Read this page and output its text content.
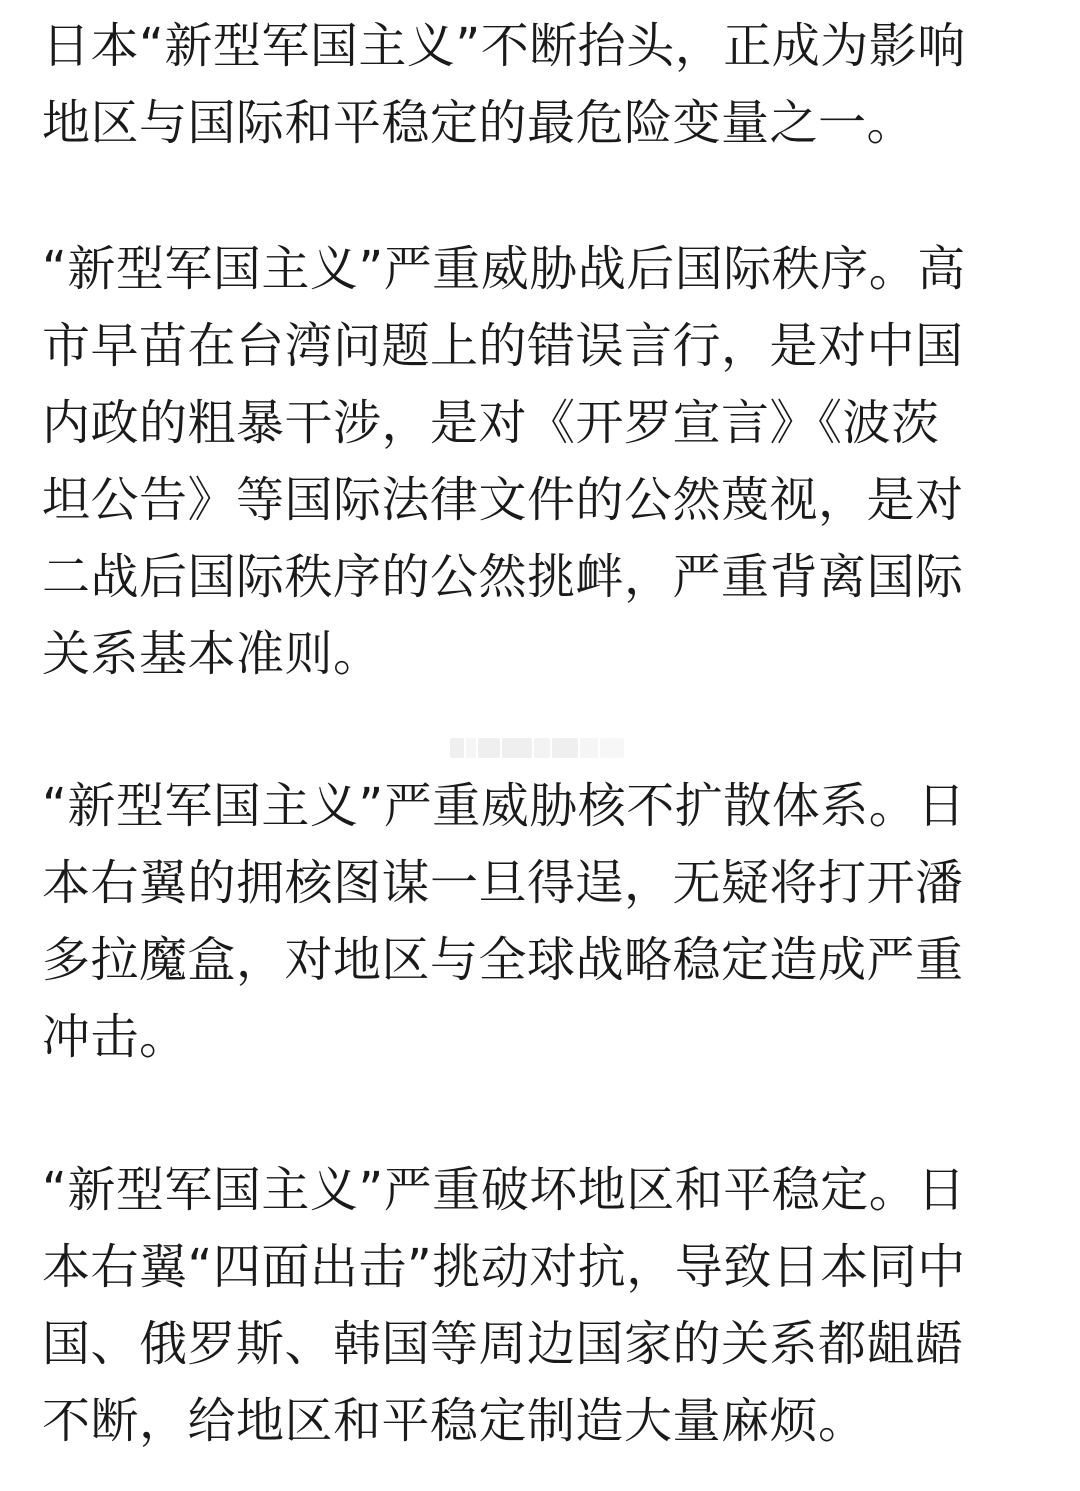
日本“新型军国主义”不断抬头，正成为影响
地区与国际和平稳定的最危险变量之一。

“新型军国主义”严重威胁战后国际秩序。高
市早苗在台湾问题上的错误言行，是对中国
内政的粗暴干涉，是对《开罗宣言》《波茨
坦公告》等国际法律文件的公然蔑视，是对
二战后国际秩序的公然挑衅，严重背离国际
关系基本准则。

“新型军国主义”严重威胁核不扩散体系。日
本右翼的拥核图谋一旦得逞，无疑将打开潘
多拉魔盒，对地区与全球战略稳定造成严重
冲击。

“新型军国主义”严重破坏地区和平稳定。日
本右翼“四面出击”挑动对抗，导致日本同中
国、俄罗斯、韩国等周边国家的关系都龃龉
不断，给地区和平稳定制造大量麻烦。
